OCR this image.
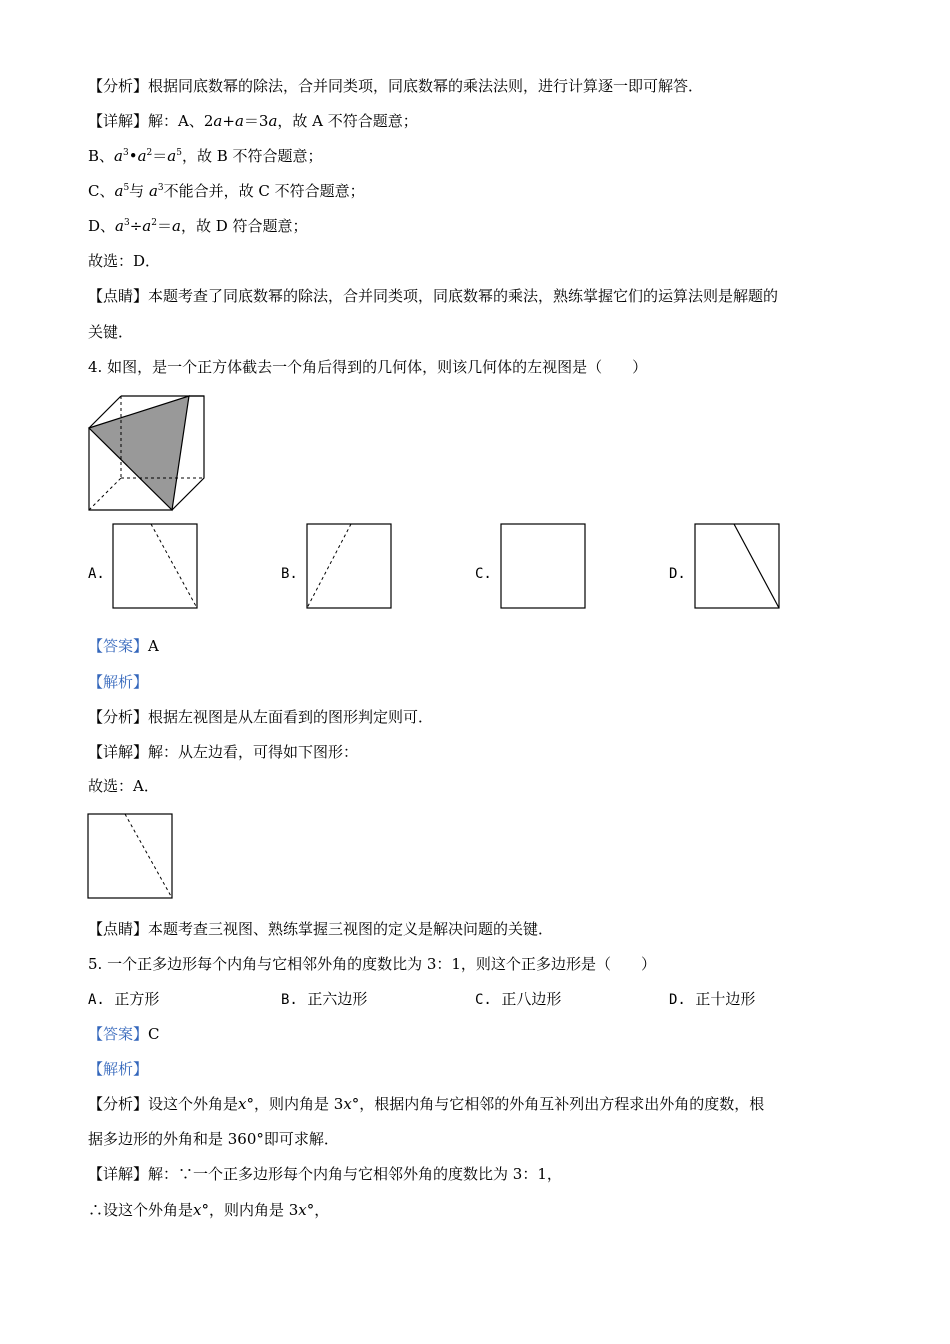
【分析】根据同底数幂的除法，合并同类项，同底数幂的乘法法则，进行计算逐一即可解答．
【详解】解：A、2a+a＝3a，故 A 不符合题意；
B、$a^3•a^2=a^5$，故 B 不符合题意；
C、$a^5$与 $a^3$不能合并，故 C 不符合题意；
D、$a^3\div a^2=a$，故 D 符合题意；
故选：D．
【点睛】本题考查了同底数幂的除法，合并同类项，同底数幂的乘法，熟练掌握它们的运算法则是解题的
关键．
4. 如图，是一个正方体截去一个角后得到的几何体，则该几何体的左视图是（　　）
A.	B.	C.	D.
【答案】A
【解析】
【分析】根据左视图是从左面看到的图形判定则可．
【详解】解：从左边看，可得如下图形：
故选：A．
【点睛】本题考查三视图、熟练掌握三视图的定义是解决问题的关键．
5. 一个正多边形每个内角与它相邻外角的度数比为 3：1，则这个正多边形是（　　）
A. 正方形	B. 正六边形	C. 正八边形	D. 正十边形
【答案】C
【解析】
【分析】设这个外角是x°，则内角是 3x°，根据内角与它相邻的外角互补列出方程求出外角的度数，根
据多边形的外角和是 360°即可求解．
【详解】解：∵一个正多边形每个内角与它相邻外角的度数比为 3：1，
∴设这个外角是x°，则内角是 3x°，
